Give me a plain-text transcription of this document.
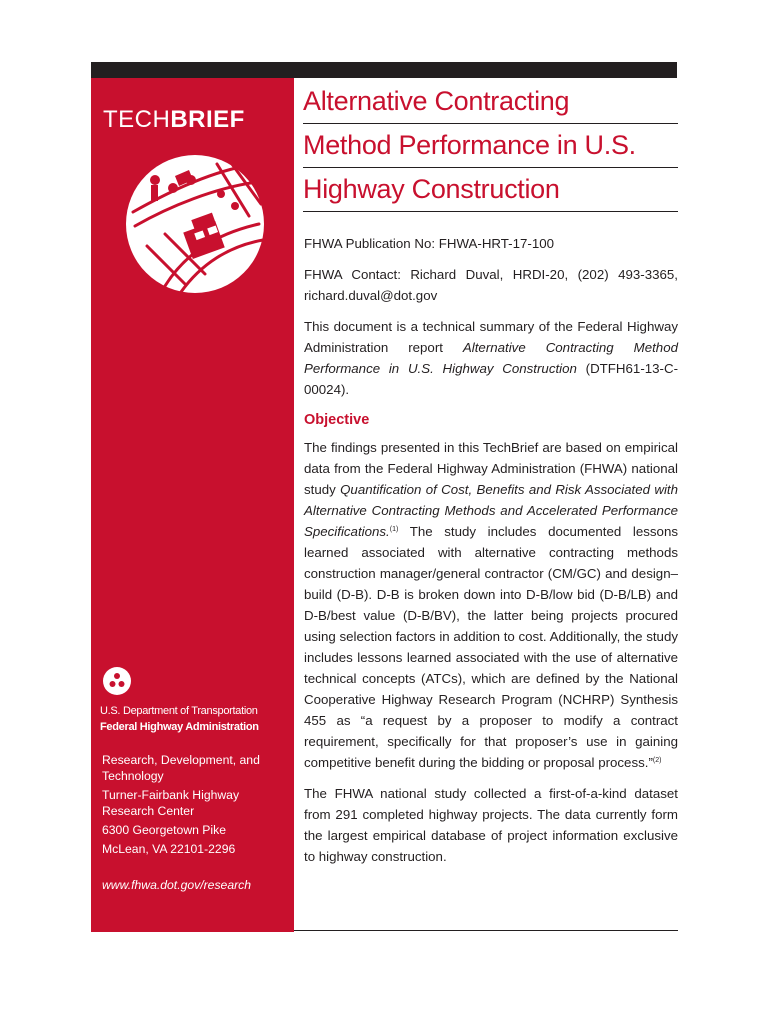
TECHBRIEF
U.S. Department of Transportation
Federal Highway Administration
Research, Development, and Technology
Turner-Fairbank Highway Research Center
6300 Georgetown Pike
McLean, VA 22101-2296
www.fhwa.dot.gov/research
Alternative Contracting
Method Performance in U.S.
Highway Construction

FHWA Publication No: FHWA-HRT-17-100

FHWA Contact: Richard Duval, HRDI-20, (202) 493-3365, richard.duval@dot.gov

This document is a technical summary of the Federal Highway Administration report Alternative Contracting Method Performance in U.S. Highway Construction (DTFH61-13-C-00024).

Objective

The findings presented in this TechBrief are based on empirical data from the Federal Highway Administration (FHWA) national study Quantification of Cost, Benefits and Risk Associated with Alternative Contracting Methods and Accelerated Performance Specifications.$^{(1)}$ The study includes documented lessons learned associated with alternative contracting methods construction manager/general contractor (CM/GC) and design–build (D-B). D-B is broken down into D-B/low bid (D-B/LB) and D-B/best value (D-B/BV), the latter being projects procured using selection factors in addition to cost. Additionally, the study includes lessons learned associated with the use of alternative technical concepts (ATCs), which are defined by the National Cooperative Highway Research Program (NCHRP) Synthesis 455 as “a request by a proposer to modify a contract requirement, specifically for that proposer’s use in gaining competitive benefit during the bidding or proposal process.”$^{(2)}$

The FHWA national study collected a first-of-a-kind dataset from 291 completed highway projects. The data currently form the largest empirical database of project information exclusive to highway construction.
